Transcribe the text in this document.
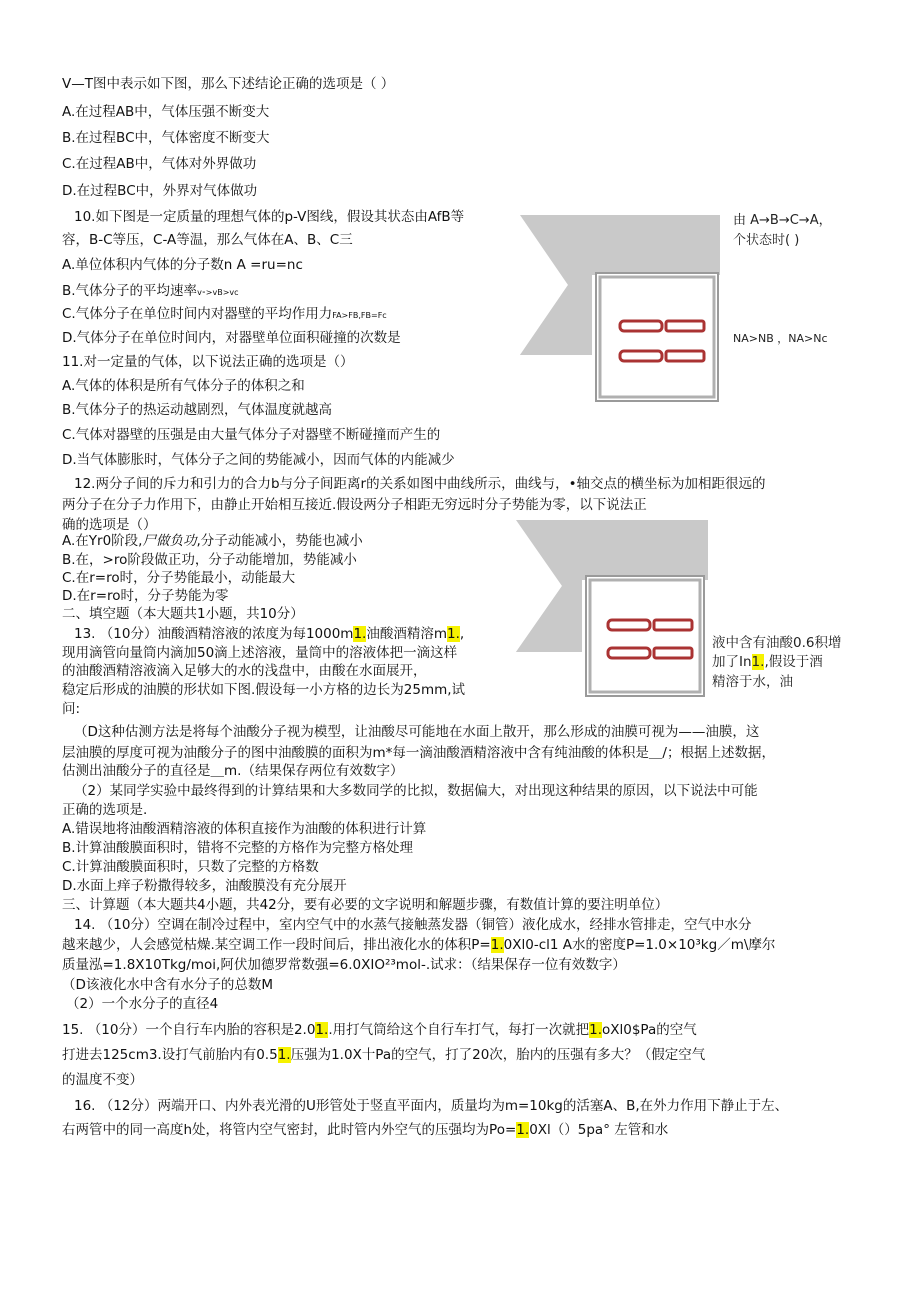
V—T图中表示如下图，那么下述结论正确的选项是（ ）
A.在过程AB中，气体压强不断变大
B.在过程BC中，气体密度不断变大
C.在过程AB中，气体对外界做功
D.在过程BC中，外界对气体做功
10.如下图是一定质量的理想气体的p-V图线，假设其状态由AfB等
容，B-C等压，C-A等温，那么气体在A、B、C三
A.单位体积内气体的分子数n A =ru=nc
B.气体分子的平均速率v⁃>vB>vc
C.气体分子在单位时间内对器壁的平均作用力FA>FB,FB=Fc
D.气体分子在单位时间内，对器壁单位面积碰撞的次数是
11.对一定量的气体，以下说法正确的选项是（）
A.气体的体积是所有气体分子的体积之和
B.气体分子的热运动越剧烈，气体温度就越高
C.气体对器壁的压强是由大量气体分子对器壁不断碰撞而产生的
D.当气体膨胀时，气体分子之间的势能减小，因而气体的内能减少
12.两分子间的斥力和引力的合力b与分子间距离r的关系如图中曲线所示，曲线与，•轴交点的横坐标为加相距很远的
两分子在分子力作用下，由静止开始相互接近.假设两分子相距无穷远时分子势能为零，以下说法正
确的选项是（）
A.在Yr0阶段,尸做负功,分子动能减小，势能也减小
B.在，>ro阶段做正功，分子动能增加，势能减小
C.在r=ro时，分子势能最小，动能最大
D.在r=ro时，分子势能为零
二、填空题（本大题共1小题，共10分）
13. （10分）油酸酒精溶液的浓度为每1000m1.油酸酒精溶m1.,
现用滴管向量筒内滴加50滴上述溶液，量筒中的溶液体把一滴这样
的油酸酒精溶液滴入足够大的水的浅盘中，由酸在水面展开，
稳定后形成的油膜的形状如下图.假设每一小方格的边长为25mm,试
问:
（D这种估测方法是将每个油酸分子视为模型，让油酸尽可能地在水面上散开，那么形成的油膜可视为——油膜，这
层油膜的厚度可视为油酸分子的图中油酸膜的面积为m*每一滴油酸酒精溶液中含有纯油酸的体积是＿/；根据上述数据，
估测出油酸分子的直径是＿m.（结果保存两位有效数字）
（2）某同学实验中最终得到的计算结果和大多数同学的比拟，数据偏大，对出现这种结果的原因，以下说法中可能
正确的选项是.
A.错误地将油酸酒精溶液的体积直接作为油酸的体积进行计算
B.计算油酸膜面积时，错将不完整的方格作为完整方格处理
C.计算油酸膜面积时，只数了完整的方格数
D.水面上痒子粉撒得较多，油酸膜没有充分展开
三、计算题（本大题共4小题，共42分，要有必要的文字说明和解题步骤，有数值计算的要注明单位）
14. （10分）空调在制冷过程中，室内空气中的水蒸气接触蒸发器（铜管）液化成水，经排水管排走，空气中水分
越来越少，人会感觉枯燥.某空调工作一段时间后，排出液化水的体积P=1.0Xl0-cl1 A水的密度P=1.0×10³kg／m\摩尔
质量泓=1.8X10Tkg/moi,阿伏加德罗常数强=6.0XIO²³mol-.试求：（结果保存一位有效数字）
（D该液化水中含有水分子的总数M
（2）一个水分子的直径4
15. （10分）一个自行车内胎的容积是2.01..用打气筒给这个自行车打气，每打一次就把1.oXl0$Pa的空气
打进去125cm3.设打气前胎内有0.51.压强为1.0X十Pa的空气，打了20次，胎内的压强有多大？（假定空气
的温度不变）
16. （12分）两端开口、内外表光滑的U形管处于竖直平面内，质量均为m=10kg的活塞A、B,在外力作用下静止于左、
右两管中的同一高度h处，将管内空气密封，此时管内外空气的压强均为Po=1.0Xl（）5pa° 左管和水
由 A→B→C→A，
个状态时( )
NA>NB ，NA>Nc
液中含有油酸0.6积增
加了In1.,假设于酒
精溶于水，油
